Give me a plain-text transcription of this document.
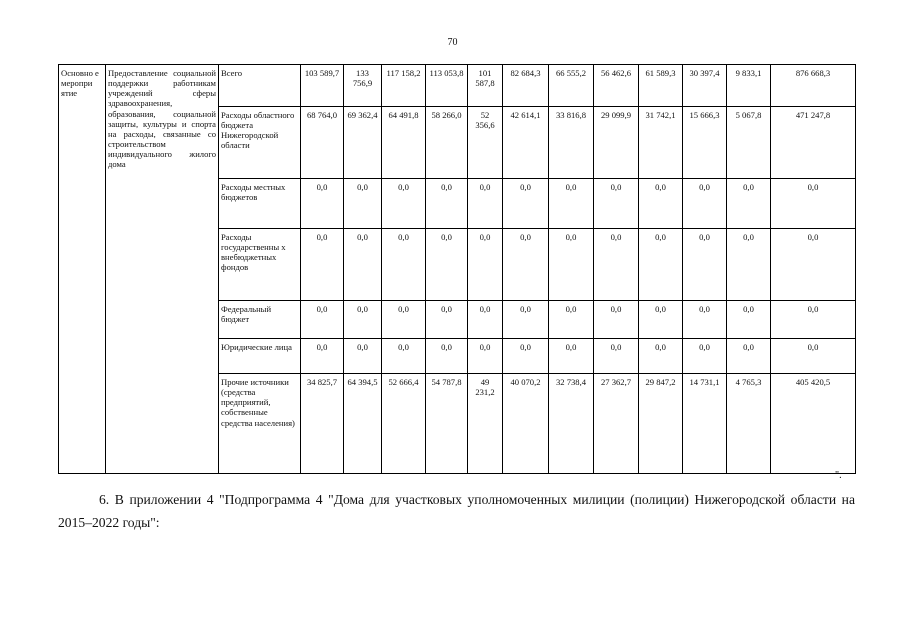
70
Основно е меропри ятие	Предоставление социальной поддержки работникам учреждений сферы здравоохранения, образования, социальной защиты, культуры и спорта на расходы, связанные со строительством индивидуального жилого дома	Всего	103 589,7	133 756,9	117 158,2	113 053,8	101 587,8	82 684,3	66 555,2	56 462,6	61 589,3	30 397,4	9 833,1	876 668,3
		Расходы областного бюджета Нижегородской области	68 764,0	69 362,4	64 491,8	58 266,0	52 356,6	42 614,1	33 816,8	29 099,9	31 742,1	15 666,3	5 067,8	471 247,8
		Расходы местных бюджетов	0,0	0,0	0,0	0,0	0,0	0,0	0,0	0,0	0,0	0,0	0,0	0,0
		Расходы государственны х внебюджетных фондов	0,0	0,0	0,0	0,0	0,0	0,0	0,0	0,0	0,0	0,0	0,0	0,0
		Федеральный бюджет	0,0	0,0	0,0	0,0	0,0	0,0	0,0	0,0	0,0	0,0	0,0	0,0
		Юридические лица	0,0	0,0	0,0	0,0	0,0	0,0	0,0	0,0	0,0	0,0	0,0	0,0
		Прочие источники (средства предприятий, собственные средства населения)	34 825,7	64 394,5	52 666,4	54 787,8	49 231,2	40 070,2	32 738,4	27 362,7	29 847,2	14 731,1	4 765,3	405 420,5
".
6. В приложении 4 "Подпрограмма 4 "Дома для участковых уполномоченных милиции (полиции) Нижегородской области на 2015–2022 годы":
